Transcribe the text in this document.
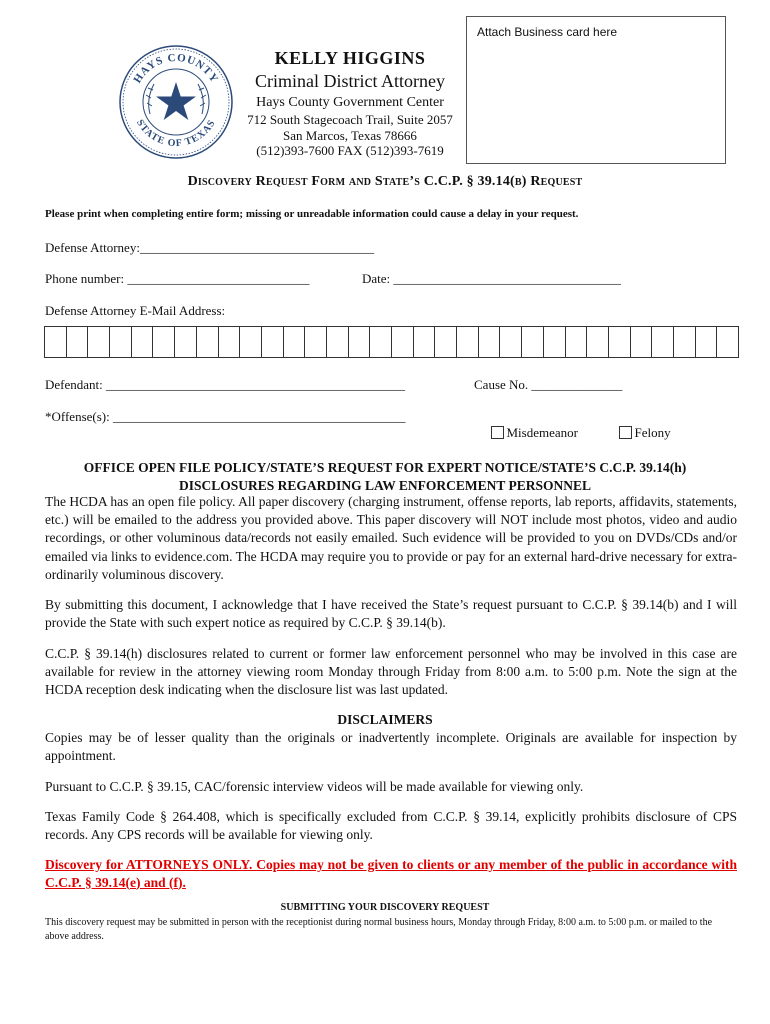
Attach Business card here
HAYS COUNTY
STATE OF TEXAS
KELLY HIGGINS
Criminal District Attorney
Hays County Government Center
712 South Stagecoach Trail, Suite 2057
San Marcos, Texas 78666
(512)393-7600 FAX (512)393-7619
Discovery Request Form and State’s C.C.P. § 39.14(b) Request
Please print when completing entire form; missing or unreadable information could cause a delay in your request.
Defense Attorney:____________________________________
Phone number: ____________________________	Date: ___________________________________
Defense Attorney E-Mail Address:
Defendant: ______________________________________________	Cause No. ______________
*Offense(s): _____________________________________________

Misdemeanor	Felony

OFFICE OPEN FILE POLICY/STATE’S REQUEST FOR EXPERT NOTICE/STATE’S C.C.P. 39.14(h)
DISCLOSURES REGARDING LAW ENFORCEMENT PERSONNEL
The HCDA has an open file policy. All paper discovery (charging instrument, offense reports, lab reports, affidavits, statements, etc.) will be emailed to the address you provided above. This paper discovery will NOT include most photos, video and audio recordings, or other voluminous data/records not easily emailed. Such evidence will be provided to you on DVDs/CDs and/or emailed via links to evidence.com. The HCDA may require you to provide or pay for an external hard-drive necessary for extra-ordinarily voluminous discovery.
By submitting this document, I acknowledge that I have received the State’s request pursuant to C.C.P. § 39.14(b) and I will provide the State with such expert notice as required by C.C.P. § 39.14(b).
C.C.P. § 39.14(h) disclosures related to current or former law enforcement personnel who may be involved in this case are available for review in the attorney viewing room Monday through Friday from 8:00 a.m. to 5:00 p.m. Note the sign at the HCDA reception desk indicating when the disclosure list was last updated.
DISCLAIMERS
Copies may be of lesser quality than the originals or inadvertently incomplete. Originals are available for inspection by appointment.
Pursuant to C.C.P. § 39.15, CAC/forensic interview videos will be made available for viewing only.
Texas Family Code § 264.408, which is specifically excluded from C.C.P. § 39.14, explicitly prohibits disclosure of CPS records. Any CPS records will be available for viewing only.
Discovery for ATTORNEYS ONLY. Copies may not be given to clients or any member of the public in accordance with C.C.P. § 39.14(e) and (f).
SUBMITTING YOUR DISCOVERY REQUEST
This discovery request may be submitted in person with the receptionist during normal business hours, Monday through Friday, 8:00 a.m. to 5:00 p.m. or mailed to the above address.
